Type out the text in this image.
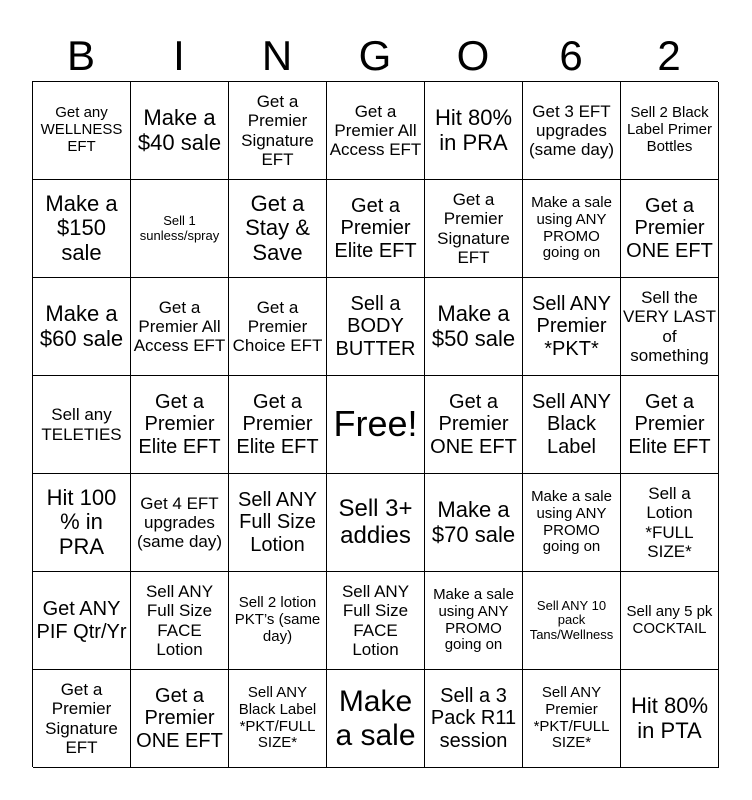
B	I	N	G	O	6	2
Get any WELLNESS EFT
Make a $40 sale
Get a Premier Signature EFT
Get a Premier All Access EFT
Hit 80% in PRA
Get 3 EFT upgrades (same day)
Sell 2 Black Label Primer Bottles
Make a $150 sale
Sell 1 sunless/spray
Get a Stay & Save
Get a Premier Elite EFT
Get a Premier Signature EFT
Make a sale using ANY PROMO going on
Get a Premier ONE EFT
Make a $60 sale
Get a Premier All Access EFT
Get a Premier Choice EFT
Sell a BODY BUTTER
Make a $50 sale
Sell ANY Premier *PKT*
Sell the VERY LAST of something
Sell any TELETIES
Get a Premier Elite EFT
Get a Premier Elite EFT
Free!
Get a Premier ONE EFT
Sell ANY Black Label
Get a Premier Elite EFT
Hit 100 % in PRA
Get 4 EFT upgrades (same day)
Sell ANY Full Size Lotion
Sell 3+ addies
Make a $70 sale
Make a sale using ANY PROMO going on
Sell a Lotion *FULL SIZE*
Get ANY PIF Qtr/Yr
Sell ANY Full Size FACE Lotion
Sell 2 lotion PKT’s (same day)
Sell ANY Full Size FACE Lotion
Make a sale using ANY PROMO going on
Sell ANY 10 pack Tans/Wellness
Sell any 5 pk COCKTAIL
Get a Premier Signature EFT
Get a Premier ONE EFT
Sell ANY Black Label *PKT/FULL SIZE*
Make a sale
Sell a 3 Pack R11 session
Sell ANY Premier *PKT/FULL SIZE*
Hit 80% in PTA
